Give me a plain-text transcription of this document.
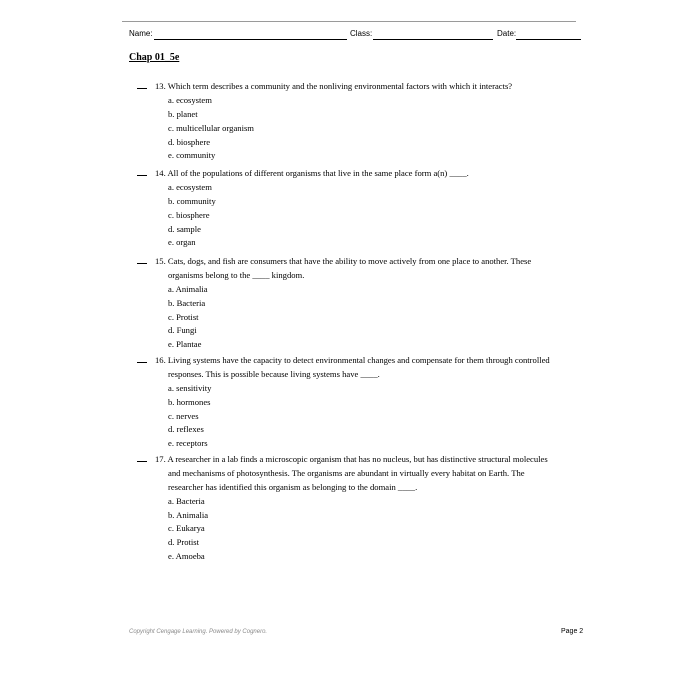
Name:	Class:	Date:
Chap 01_5e
13. Which term describes a community and the nonliving environmental factors with which it interacts?
a. ecosystem
b. planet
c. multicellular organism
d. biosphere
e. community
14. All of the populations of different organisms that live in the same place form a(n) ____.
a. ecosystem
b. community
c. biosphere
d. sample
e. organ
15. Cats, dogs, and fish are consumers that have the ability to move actively from one place to another. These
organisms belong to the ____ kingdom.
a. Animalia
b. Bacteria
c. Protist
d. Fungi
e. Plantae
16. Living systems have the capacity to detect environmental changes and compensate for them through controlled
responses. This is possible because living systems have ____.
a. sensitivity
b. hormones
c. nerves
d. reflexes
e. receptors
17. A researcher in a lab finds a microscopic organism that has no nucleus, but has distinctive structural molecules
and mechanisms of photosynthesis. The organisms are abundant in virtually every habitat on Earth. The
researcher has identified this organism as belonging to the domain ____.
a. Bacteria
b. Animalia
c. Eukarya
d. Protist
e. Amoeba
Copyright Cengage Learning. Powered by Cognero.	Page 2
